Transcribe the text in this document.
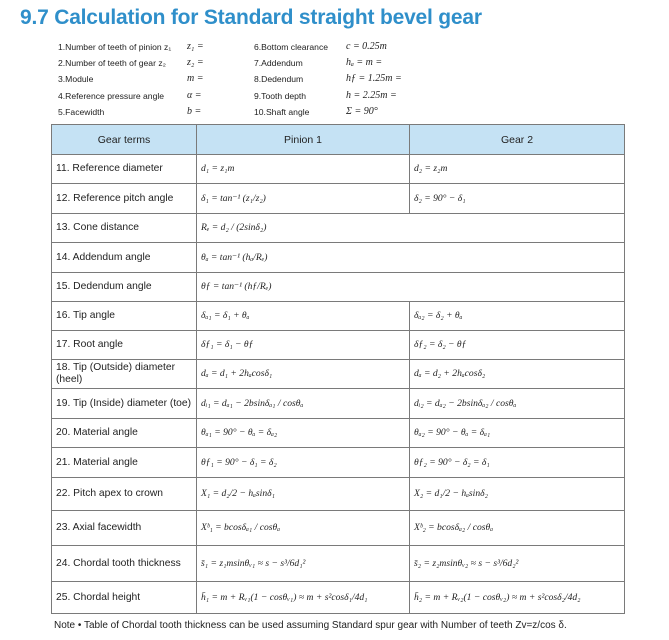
9.7 Calculation for Standard straight bevel gear
1.Number of teeth of pinion z₁ z₁ =
2.Number of teeth of gear z₂ z₂ =
3.Module	m =
4.Reference pressure angle α =
5.Facewidth	b =
6.Bottom clearance c = 0.25m
7.Addendum	hₐ = m =
8.Dedendum	hƒ = 1.25m =
9.Tooth depth	h = 2.25m =
10.Shaft angle	Σ = 90°
Gear terms	Pinion 1	Gear 2
11. Reference diameter	d₁ = z₁m	d₂ = z₂m
12. Reference pitch angle	δ₁ = tan⁻¹ (z₁/z₂)	δ₂ = 90° − δ₁
13. Cone distance	Rₑ = d₂ / (2sinδ₂)	
14. Addendum angle	θₐ = tan⁻¹ (hₐ/Rₑ)	
15. Dedendum angle	θƒ = tan⁻¹ (hƒ/Rₑ)	
16. Tip angle	δₐ₁ = δ₁ + θₐ	δₐ₂ = δ₂ + θₐ
17. Root angle	δƒ₁ = δ₁ − θƒ	δƒ₂ = δ₂ − θƒ
18. Tip (Outside) diameter (heel)	dₐ = d₁ + 2hₐcosδ₁	dₐ = d₂ + 2hₐcosδ₂
19. Tip (Inside) diameter (toe)	dᵢ₁ = dₐ₁ − 2bsinδₐ₁ / cosθₐ	dᵢ₂ = dₐ₂ − 2bsinδₐ₂ / cosθₐ
20. Material angle	θₐ₁ = 90° − θₐ = δₐ₂	θₐ₂ = 90° − θₐ = δₐ₁
21. Material angle	θƒ₁ = 90° − δ₁ = δ₂	θƒ₂ = 90° − δ₂ = δ₁
22. Pitch apex to crown	X₁ = d₂/2 − hₐsinδ₁	X₂ = d₁/2 − hₐsinδ₂
23. Axial facewidth	Xᵇ₁ = bcosδₐ₁ / cosθₐ	Xᵇ₂ = bcosδₐ₂ / cosθₐ
24. Chordal tooth thickness	s̄₁ = z₁msinθᵥ₁ ≈ s − s³/6d₁²	s̄₂ = z₂msinθᵥ₂ ≈ s − s³/6d₂²
25. Chordal height	h̄₁ = m + Rᵥ₁(1 − cosθᵥ₁) ≈ m + s²cosδ₁/4d₁	h̄₂ = m + Rᵥ₂(1 − cosθᵥ₂) ≈ m + s²cosδ₂/4d₂
Note • Table of Chordal tooth thickness can be used assuming Standard spur gear with Number of teeth Zv=z/cos δ.
